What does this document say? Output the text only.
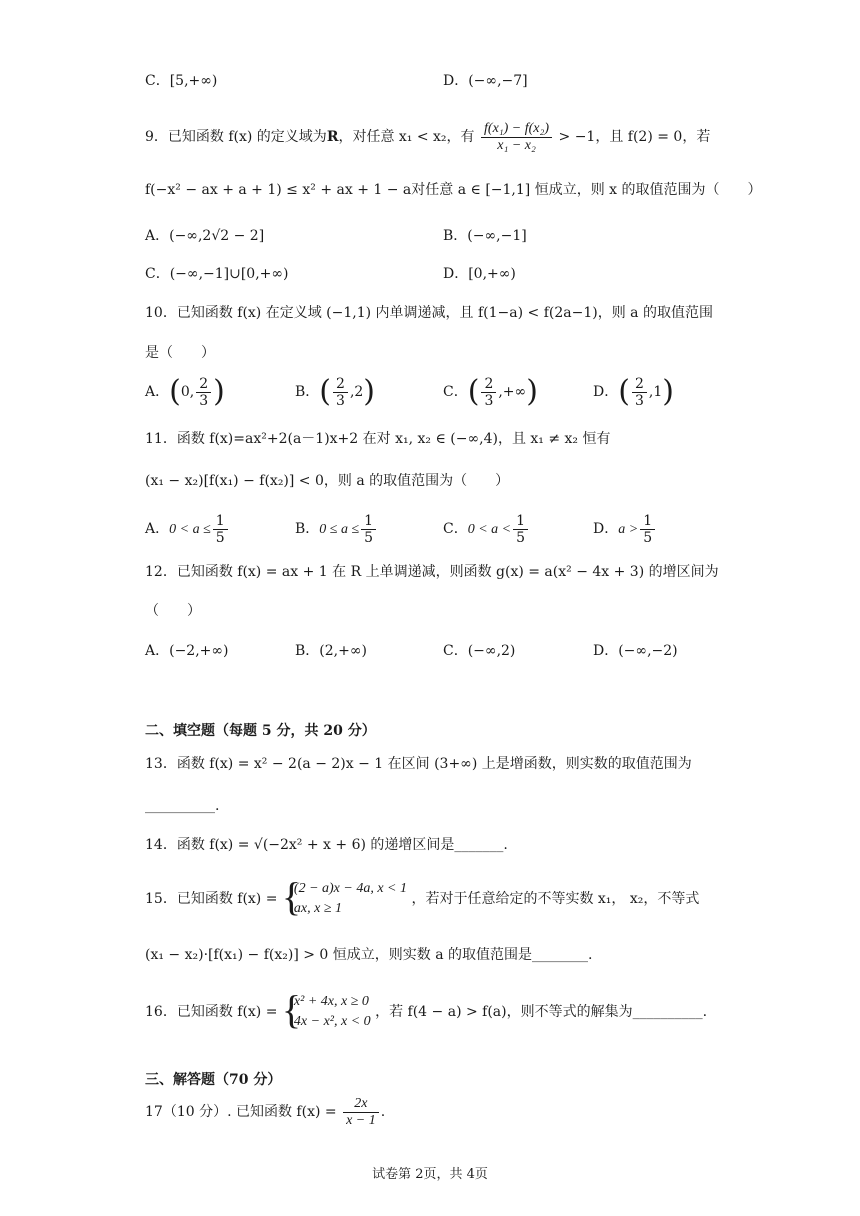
C．[5,+∞)	D．(−∞,−7]
9．已知函数 f(x) 的定义域为R，对任意 x₁ < x₂，有 $\frac{\text{f(x₁) − f(x₂)}}{\text{x₁ − x₂}} > -1$，且 f(2) = 0，若
f(−x² − ax + a + 1) ≤ x² + ax + 1 − a对任意 a ∈ [−1,1] 恒成立，则 x 的取值范围为（　　）
A．(−∞,2√2 − 2]	B．(−∞,−1]
C．(−∞,−1]∪[0,+∞)	D．[0,+∞)
10．已知函数 f(x) 在定义域 (−1,1) 内单调递减，且 f(1−a) < f(2a−1)，则 a 的取值范围
是（　　）
A．(0, $\frac{2}{3}$ )	B．( $\frac{2}{3} ,2$)	C．( $\frac{2}{3}$ ,+∞)	D．( $\frac{2}{3} ,1$)
11．函数 f(x)=ax²+2(a－1)x+2 在对 x₁, x₂ ∈ (−∞,4)，且 x₁ ≠ x₂ 恒有
(x₁ − x₂)[f(x₁) − f(x₂)] < 0，则 a 的取值范围为（　　）
A．$0 < a \le \frac{1}{5}$	B．$0 \le a \le \frac{1}{5}$	C．$0 < a < \frac{1}{5}$	D．$a > \frac{1}{5}$
12．已知函数 f(x) = ax + 1 在 R 上单调递减，则函数 g(x) = a(x² − 4x + 3) 的增区间为
（　　）
A．(−2,+∞)	B．(2,+∞)	C．(−∞,2)	D．(−∞,−2)
二、填空题（每题 5 分，共 20 分）
13．函数 f(x) = x² − 2(a − 2)x − 1 在区间 (3+∞) 上是增函数，则实数的取值范围为
__________.
14．函数 f(x) = √(−2x² + x + 6) 的递增区间是_______.
15．已知函数 f(x) = {
(2 − a)x − 4a, x < 1
ax, x ≥ 1
，若对于任意给定的不等实数 x₁， x₂，不等式
(x₁ − x₂)·[f(x₁) − f(x₂)] > 0 恒成立，则实数 a 的取值范围是________.
16．已知函数 f(x) = {
x² + 4x, x ≥ 0
4x − x², x < 0
，若 f(4 − a) > f(a)，则不等式的解集为__________.
三、解答题（70 分）
17（10 分）. 已知函数 $f(x) = \frac{2x}{x - 1}$ .
试卷第 2页，共 4页
